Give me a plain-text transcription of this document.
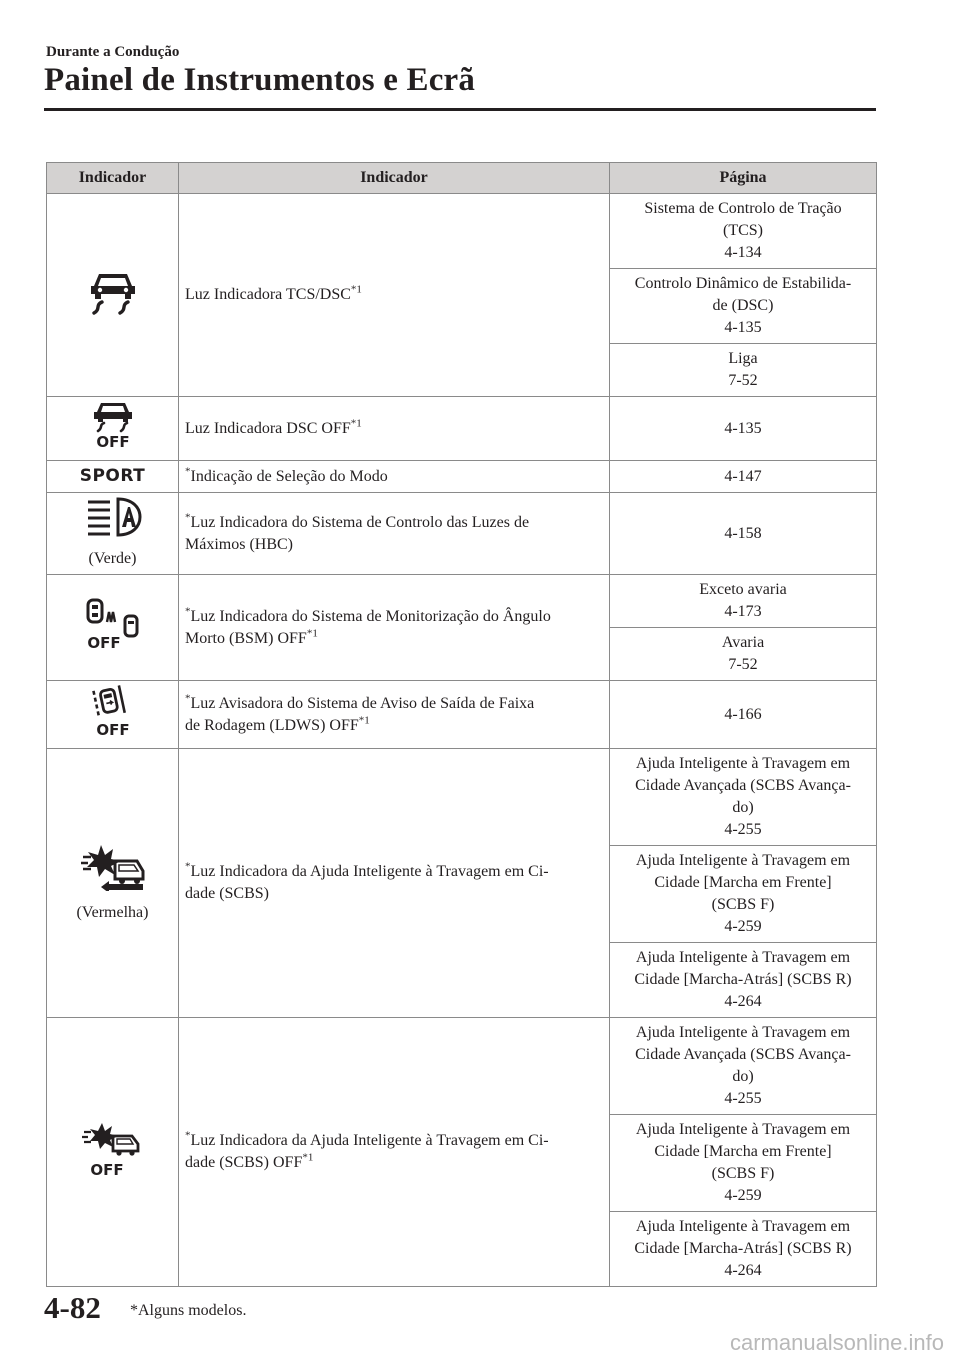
Durante a Condução
Painel de Instrumentos e Ecrã
Indicador	Indicador	Página
	Luz Indicadora TCS/DSC$^{*1}$	Sistema de Controlo de Tração
(TCS)
4-134

		Controlo Dinâmico de Estabilida-
de (DSC)
4-135

		Liga
7-52

OFF	Luz Indicadora DSC OFF$^{*1}$	4-135

SPORT	*Indicação de Seleção do Modo	4-147

(Verde)	*Luz Indicadora do Sistema de Controlo das Luzes de
Máximos (HBC)	4-158

OFF	*Luz Indicadora do Sistema de Monitorização do Ângulo
Morto (BSM) OFF$^{*1}$	Exceto avaria
4-173

		Avaria
7-52

OFF	*Luz Avisadora do Sistema de Aviso de Saída de Faixa
de Rodagem (LDWS) OFF$^{*1}$	4-166

(Vermelha)	*Luz Indicadora da Ajuda Inteligente à Travagem em Ci-
dade (SCBS)	Ajuda Inteligente à Travagem em
Cidade Avançada (SCBS Avança-
do)
4-255

		Ajuda Inteligente à Travagem em
Cidade [Marcha em Frente]
(SCBS F)
4-259

		Ajuda Inteligente à Travagem em
Cidade [Marcha-Atrás] (SCBS R)
4-264

OFF	*Luz Indicadora da Ajuda Inteligente à Travagem em Ci-
dade (SCBS) OFF$^{*1}$	Ajuda Inteligente à Travagem em
Cidade Avançada (SCBS Avança-
do)
4-255

		Ajuda Inteligente à Travagem em
Cidade [Marcha em Frente]
(SCBS F)
4-259

		Ajuda Inteligente à Travagem em
Cidade [Marcha-Atrás] (SCBS R)
4-264
4-82 *Alguns modelos.
carmanualsonline.info
